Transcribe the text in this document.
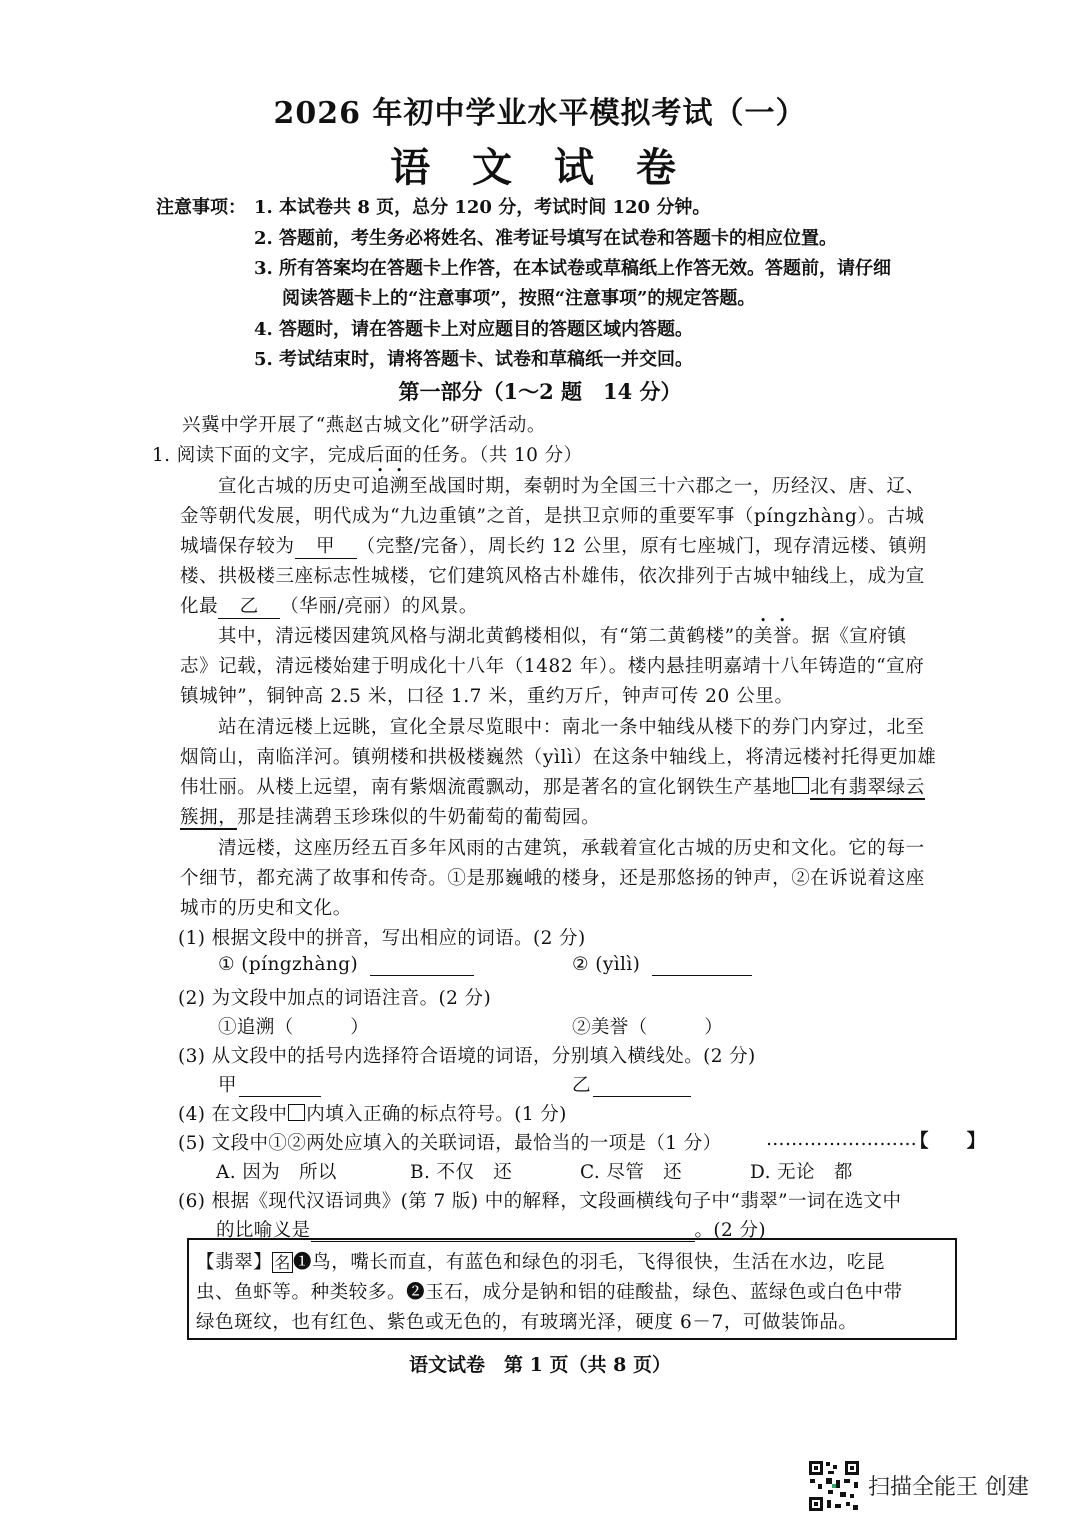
2026 年初中学业水平模拟考试（一）
语 文 试 卷
注意事项： 1. 本试卷共 8 页，总分 120 分，考试时间 120 分钟。
2. 答题前，考生务必将姓名、准考证号填写在试卷和答题卡的相应位置。
3. 所有答案均在答题卡上作答，在本试卷或草稿纸上作答无效。答题前，请仔细
阅读答题卡上的“注意事项”，按照“注意事项”的规定答题。
4. 答题时，请在答题卡上对应题目的答题区域内答题。
5. 考试结束时，请将答题卡、试卷和草稿纸一并交回。
第一部分（1～2 题　14 分）
兴冀中学开展了“燕赵古城文化”研学活动。
1. 阅读下面的文字，完成后面的任务。（共 10 分）
宣化古城的历史可追溯至战国时期，秦朝时为全国三十六郡之一，历经汉、唐、辽、
金等朝代发展，明代成为“九边重镇”之首，是拱卫京师的重要军事（píngzhàng）。古城
城墙保存较为 甲 （完整/完备），周长约 12 公里，原有七座城门，现存清远楼、镇朔
楼、拱极楼三座标志性城楼，它们建筑风格古朴雄伟，依次排列于古城中轴线上，成为宣
化最 乙 （华丽/亮丽）的风景。
其中，清远楼因建筑风格与湖北黄鹤楼相似，有“第二黄鹤楼”的美誉。据《宣府镇
志》记载，清远楼始建于明成化十八年（1482 年）。楼内悬挂明嘉靖十八年铸造的“宣府
镇城钟”，铜钟高 2.5 米，口径 1.7 米，重约万斤，钟声可传 20 公里。
站在清远楼上远眺，宣化全景尽览眼中：南北一条中轴线从楼下的券门内穿过，北至
烟筒山，南临洋河。镇朔楼和拱极楼巍然（yìlì）在这条中轴线上，将清远楼衬托得更加雄
伟壮丽。从楼上远望，南有紫烟流霞飘动，那是著名的宣化钢铁生产基地 北有翡翠绿云
簇拥，那是挂满碧玉珍珠似的牛奶葡萄的葡萄园。
清远楼，这座历经五百多年风雨的古建筑，承载着宣化古城的历史和文化。它的每一
个细节，都充满了故事和传奇。①是那巍峨的楼身，还是那悠扬的钟声，②在诉说着这座
城市的历史和文化。
(1) 根据文段中的拼音，写出相应的词语。(2 分)
① (píngzhàng)	② (yìlì)
(2) 为文段中加点的词语注音。(2 分)
①追溯（　　　）	②美誉（　　　）
(3) 从文段中的括号内选择符合语境的词语，分别填入横线处。(2 分)
甲	乙
(4) 在文段中 内填入正确的标点符号。(1 分)
(5) 文段中①②两处应填入的关联词语，最恰当的一项是（1 分） ……………………
【　　】
A. 因为　所以	B. 不仅　还	C. 尽管　还	D. 无论　都
(6) 根据《现代汉语词典》(第 7 版) 中的解释，文段画横线句子中“翡翠”一词在选文中
的比喻义是	。(2 分)
【翡翠】 名 ❶鸟，嘴长而直，有蓝色和绿色的羽毛，飞得很快，生活在水边，吃昆
虫、鱼虾等。种类较多。❷玉石，成分是钠和铝的硅酸盐，绿色、蓝绿色或白色中带
绿色斑纹，也有红色、紫色或无色的，有玻璃光泽，硬度 6－7，可做装饰品。
语文试卷　第 1 页（共 8 页）
扫描全能王 创建
